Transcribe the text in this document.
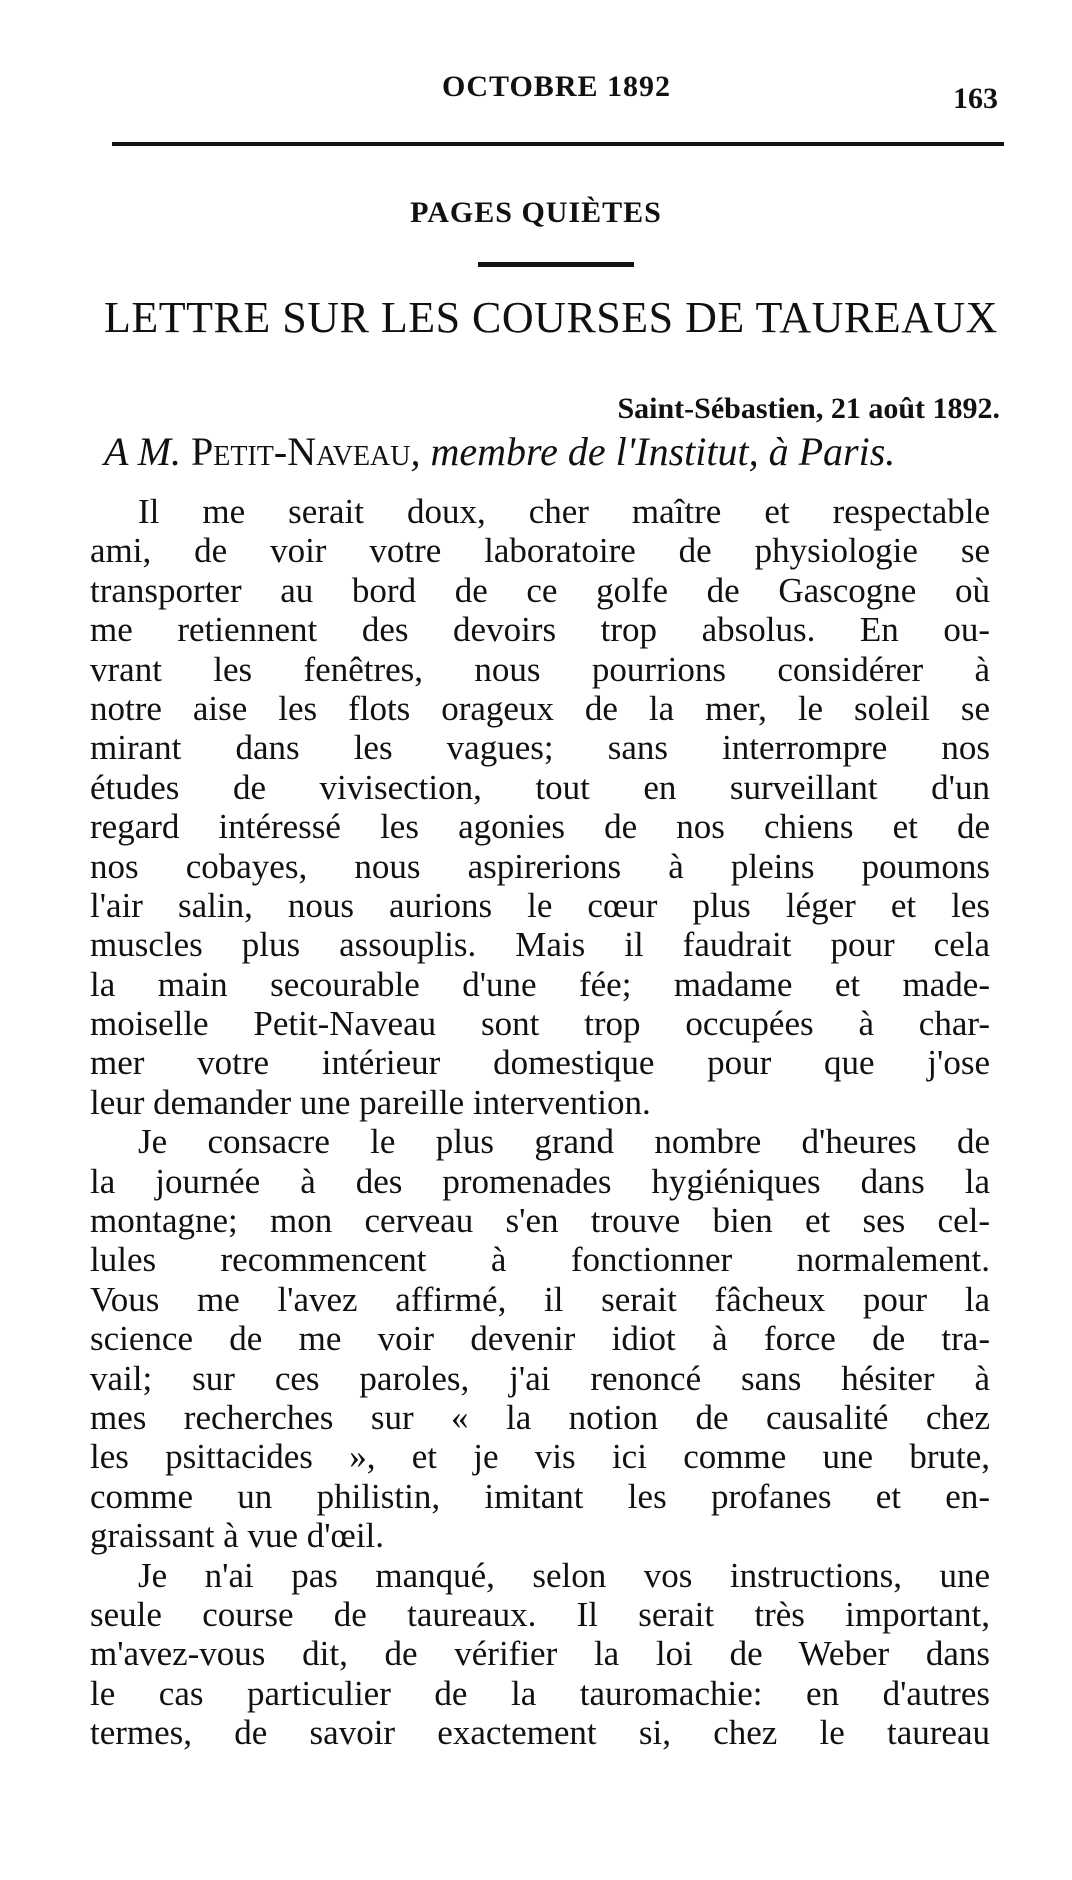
OCTOBRE 1892	163
PAGES QUIÈTES
LETTRE SUR LES COURSES DE TAUREAUX
Saint-Sébastien, 21 août 1892.
A M. Petit-Naveau, membre de l'Institut, à Paris.
Il me serait doux, cher maître et respectable
ami, de voir votre laboratoire de physiologie se
transporter au bord de ce golfe de Gascogne où
me retiennent des devoirs trop absolus. En ou-
vrant les fenêtres, nous pourrions considérer à
notre aise les flots orageux de la mer, le soleil se
mirant dans les vagues; sans interrompre nos
études de vivisection, tout en surveillant d'un
regard intéressé les agonies de nos chiens et de
nos cobayes, nous aspirerions à pleins poumons
l'air salin, nous aurions le cœur plus léger et les
muscles plus assouplis. Mais il faudrait pour cela
la main secourable d'une fée; madame et made-
moiselle Petit-Naveau sont trop occupées à char-
mer votre intérieur domestique pour que j'ose
leur demander une pareille intervention.
Je consacre le plus grand nombre d'heures de
la journée à des promenades hygiéniques dans la
montagne; mon cerveau s'en trouve bien et ses cel-
lules recommencent à fonctionner normalement.
Vous me l'avez affirmé, il serait fâcheux pour la
science de me voir devenir idiot à force de tra-
vail; sur ces paroles, j'ai renoncé sans hésiter à
mes recherches sur « la notion de causalité chez
les psittacides », et je vis ici comme une brute,
comme un philistin, imitant les profanes et en-
graissant à vue d'œil.
Je n'ai pas manqué, selon vos instructions, une
seule course de taureaux. Il serait très important,
m'avez-vous dit, de vérifier la loi de Weber dans
le cas particulier de la tauromachie: en d'autres
termes, de savoir exactement si, chez le taureau
